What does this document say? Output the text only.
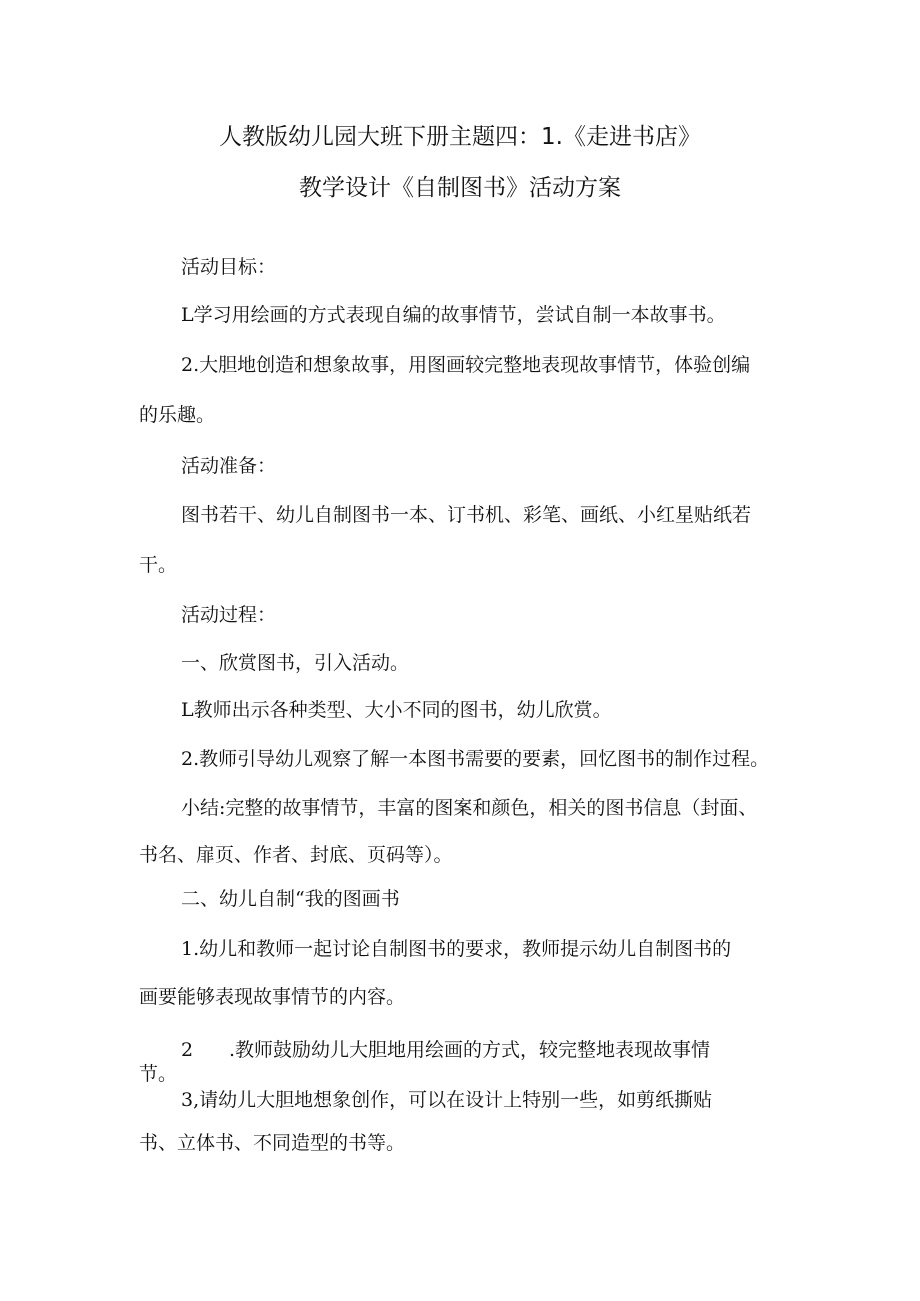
人教版幼儿园大班下册主题四：1.《走进书店》
教学设计《自制图书》活动方案
活动目标：
L学习用绘画的方式表现自编的故事情节，尝试自制一本故事书。
2.大胆地创造和想象故事，用图画较完整地表现故事情节，体验创编
的乐趣。
活动准备：
图书若干、幼儿自制图书一本、订书机、彩笔、画纸、小红星贴纸若
干。
活动过程：
一、欣赏图书，引入活动。
L教师出示各种类型、大小不同的图书，幼儿欣赏。
2.教师引导幼儿观察了解一本图书需要的要素，回忆图书的制作过程。
小结:完整的故事情节，丰富的图案和颜色，相关的图书信息（封面、
书名、扉页、作者、封底、页码等）。
二、幼儿自制“我的图画书
1.幼儿和教师一起讨论自制图书的要求，教师提示幼儿自制图书的
画要能够表现故事情节的内容。
2 .教师鼓励幼儿大胆地用绘画的方式，较完整地表现故事情
节。
3,请幼儿大胆地想象创作，可以在设计上特别一些，如剪纸撕贴
书、立体书、不同造型的书等。
